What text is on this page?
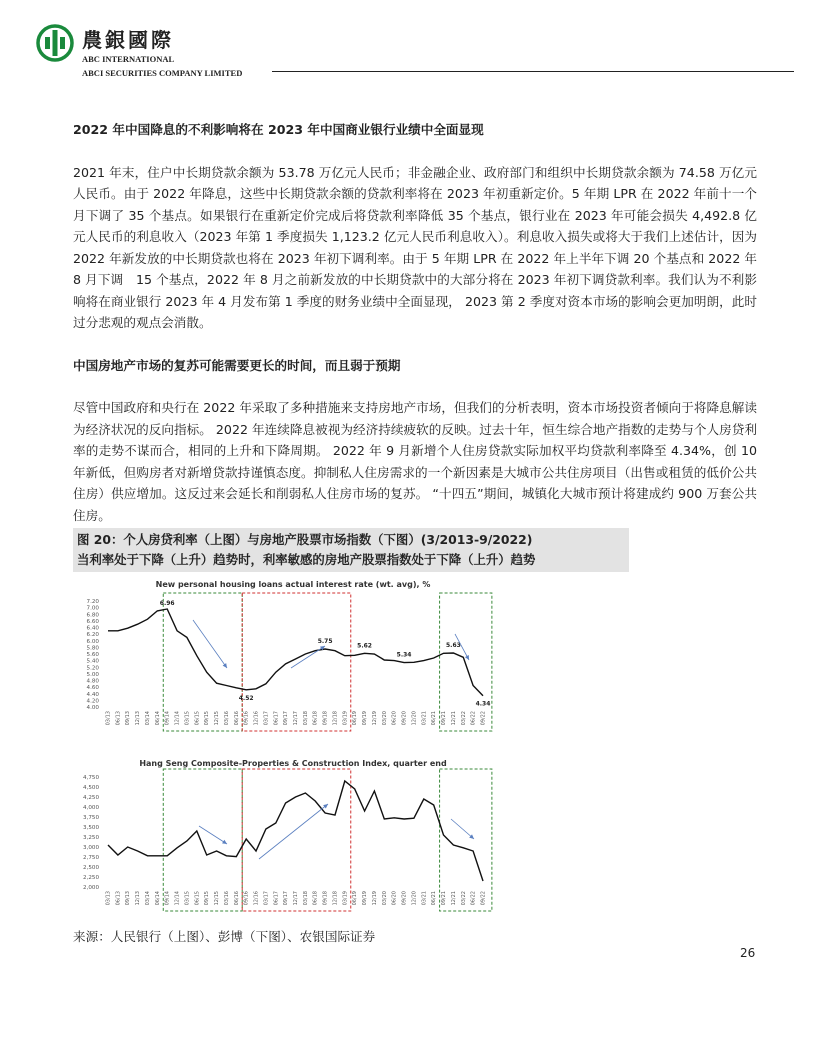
農銀國際
ABC INTERNATIONAL
ABCI SECURITIES COMPANY LIMITED

2022 年中国降息的不利影响将在 2023 年中国商业银行业绩中全面显现

2021 年末，住户中长期贷款余额为 53.78 万亿元人民币；非金融企业、政府部门和组织中长期贷款余额为 74.58 万亿元人民币。由于 2022 年降息，这些中长期贷款余额的贷款利率将在 2023 年初重新定价。5 年期 LPR 在 2022 年前十一个月下调了 35 个基点。如果银行在重新定价完成后将贷款利率降低 35 个基点，银行业在 2023 年可能会损失 4,492.8 亿元人民币的利息收入（2023 年第 1 季度损失 1,123.2 亿元人民币利息收入）。利息收入损失或将大于我们上述估计，因为 2022 年新发放的中长期贷款也将在 2023 年初下调利率。由于 5 年期 LPR 在 2022 年上半年下调 20 个基点和 2022 年 8 月下调　15 个基点，2022 年 8 月之前新发放的中长期贷款中的大部分将在 2023 年初下调贷款利率。我们认为不利影响将在商业银行 2023 年 4 月发布第 1 季度的财务业绩中全面显现， 2023 第 2 季度对资本市场的影响会更加明朗，此时过分悲观的观点会消散。

中国房地产市场的复苏可能需要更长的时间，而且弱于预期

尽管中国政府和央行在 2022 年采取了多种措施来支持房地产市场，但我们的分析表明，资本市场投资者倾向于将降息解读为经济状况的反向指标。 2022 年连续降息被视为经济持续疲软的反映。过去十年，恒生综合地产指数的走势与个人房贷利率的走势不谋而合，相同的上升和下降周期。 2022 年 9 月新增个人住房贷款实际加权平均贷款利率降至 4.34%，创 10 年新低，但购房者对新增贷款持谨慎态度。抑制私人住房需求的一个新因素是大城市公共住房项目（出售或租赁的低价公共住房）供应增加。这反过来会延长和削弱私人住房市场的复苏。 “十四五”期间，城镇化大城市预计将建成约 900 万套公共住房。

图 20：个人房贷利率（上图）与房地产股票市场指数（下图）(3/2013-9/2022)
当利率处于下降（上升）趋势时，利率敏感的房地产股票指数处于下降（上升）趋势
New personal housing loans actual interest rate (wt. avg), %
7.20
7.00
6.80
6.60
6.40
6.20
6.00
5.80
5.60
5.40
5.20
5.00
4.80
4.60
4.40
4.20
4.00
03/13 06/13 09/13 12/13 03/14 06/14 09/14 12/14 03/15 06/15 09/15 12/15 03/16 06/16 09/16 12/16 03/17 06/17 09/17 12/17 03/18 06/18 09/18 12/18 03/19 06/19 09/19 12/19 03/20 06/20 09/20 12/20 03/21 06/21 09/21 12/21 03/22 06/22 09/22
6.96
4.52
5.75
5.62
5.34
5.63
4.34
Hang Seng Composite-Properties & Construction Index, quarter end
4,750
4,500
4,250
4,000
3,750
3,500
3,250
3,000
2,750
2,500
2,250
2,000
03/13 06/13 09/13 12/13 03/14 06/14 09/14 12/14 03/15 06/15 09/15 12/15 03/16 06/16 09/16 12/16 03/17 06/17 09/17 12/17 03/18 06/18 09/18 12/18 03/19 06/19 09/19 12/19 03/20 06/20 09/20 12/20 03/21 06/21 09/21 12/21 03/22 06/22 09/22
来源：人民银行（上图）、彭博（下图）、农银国际证券
26
